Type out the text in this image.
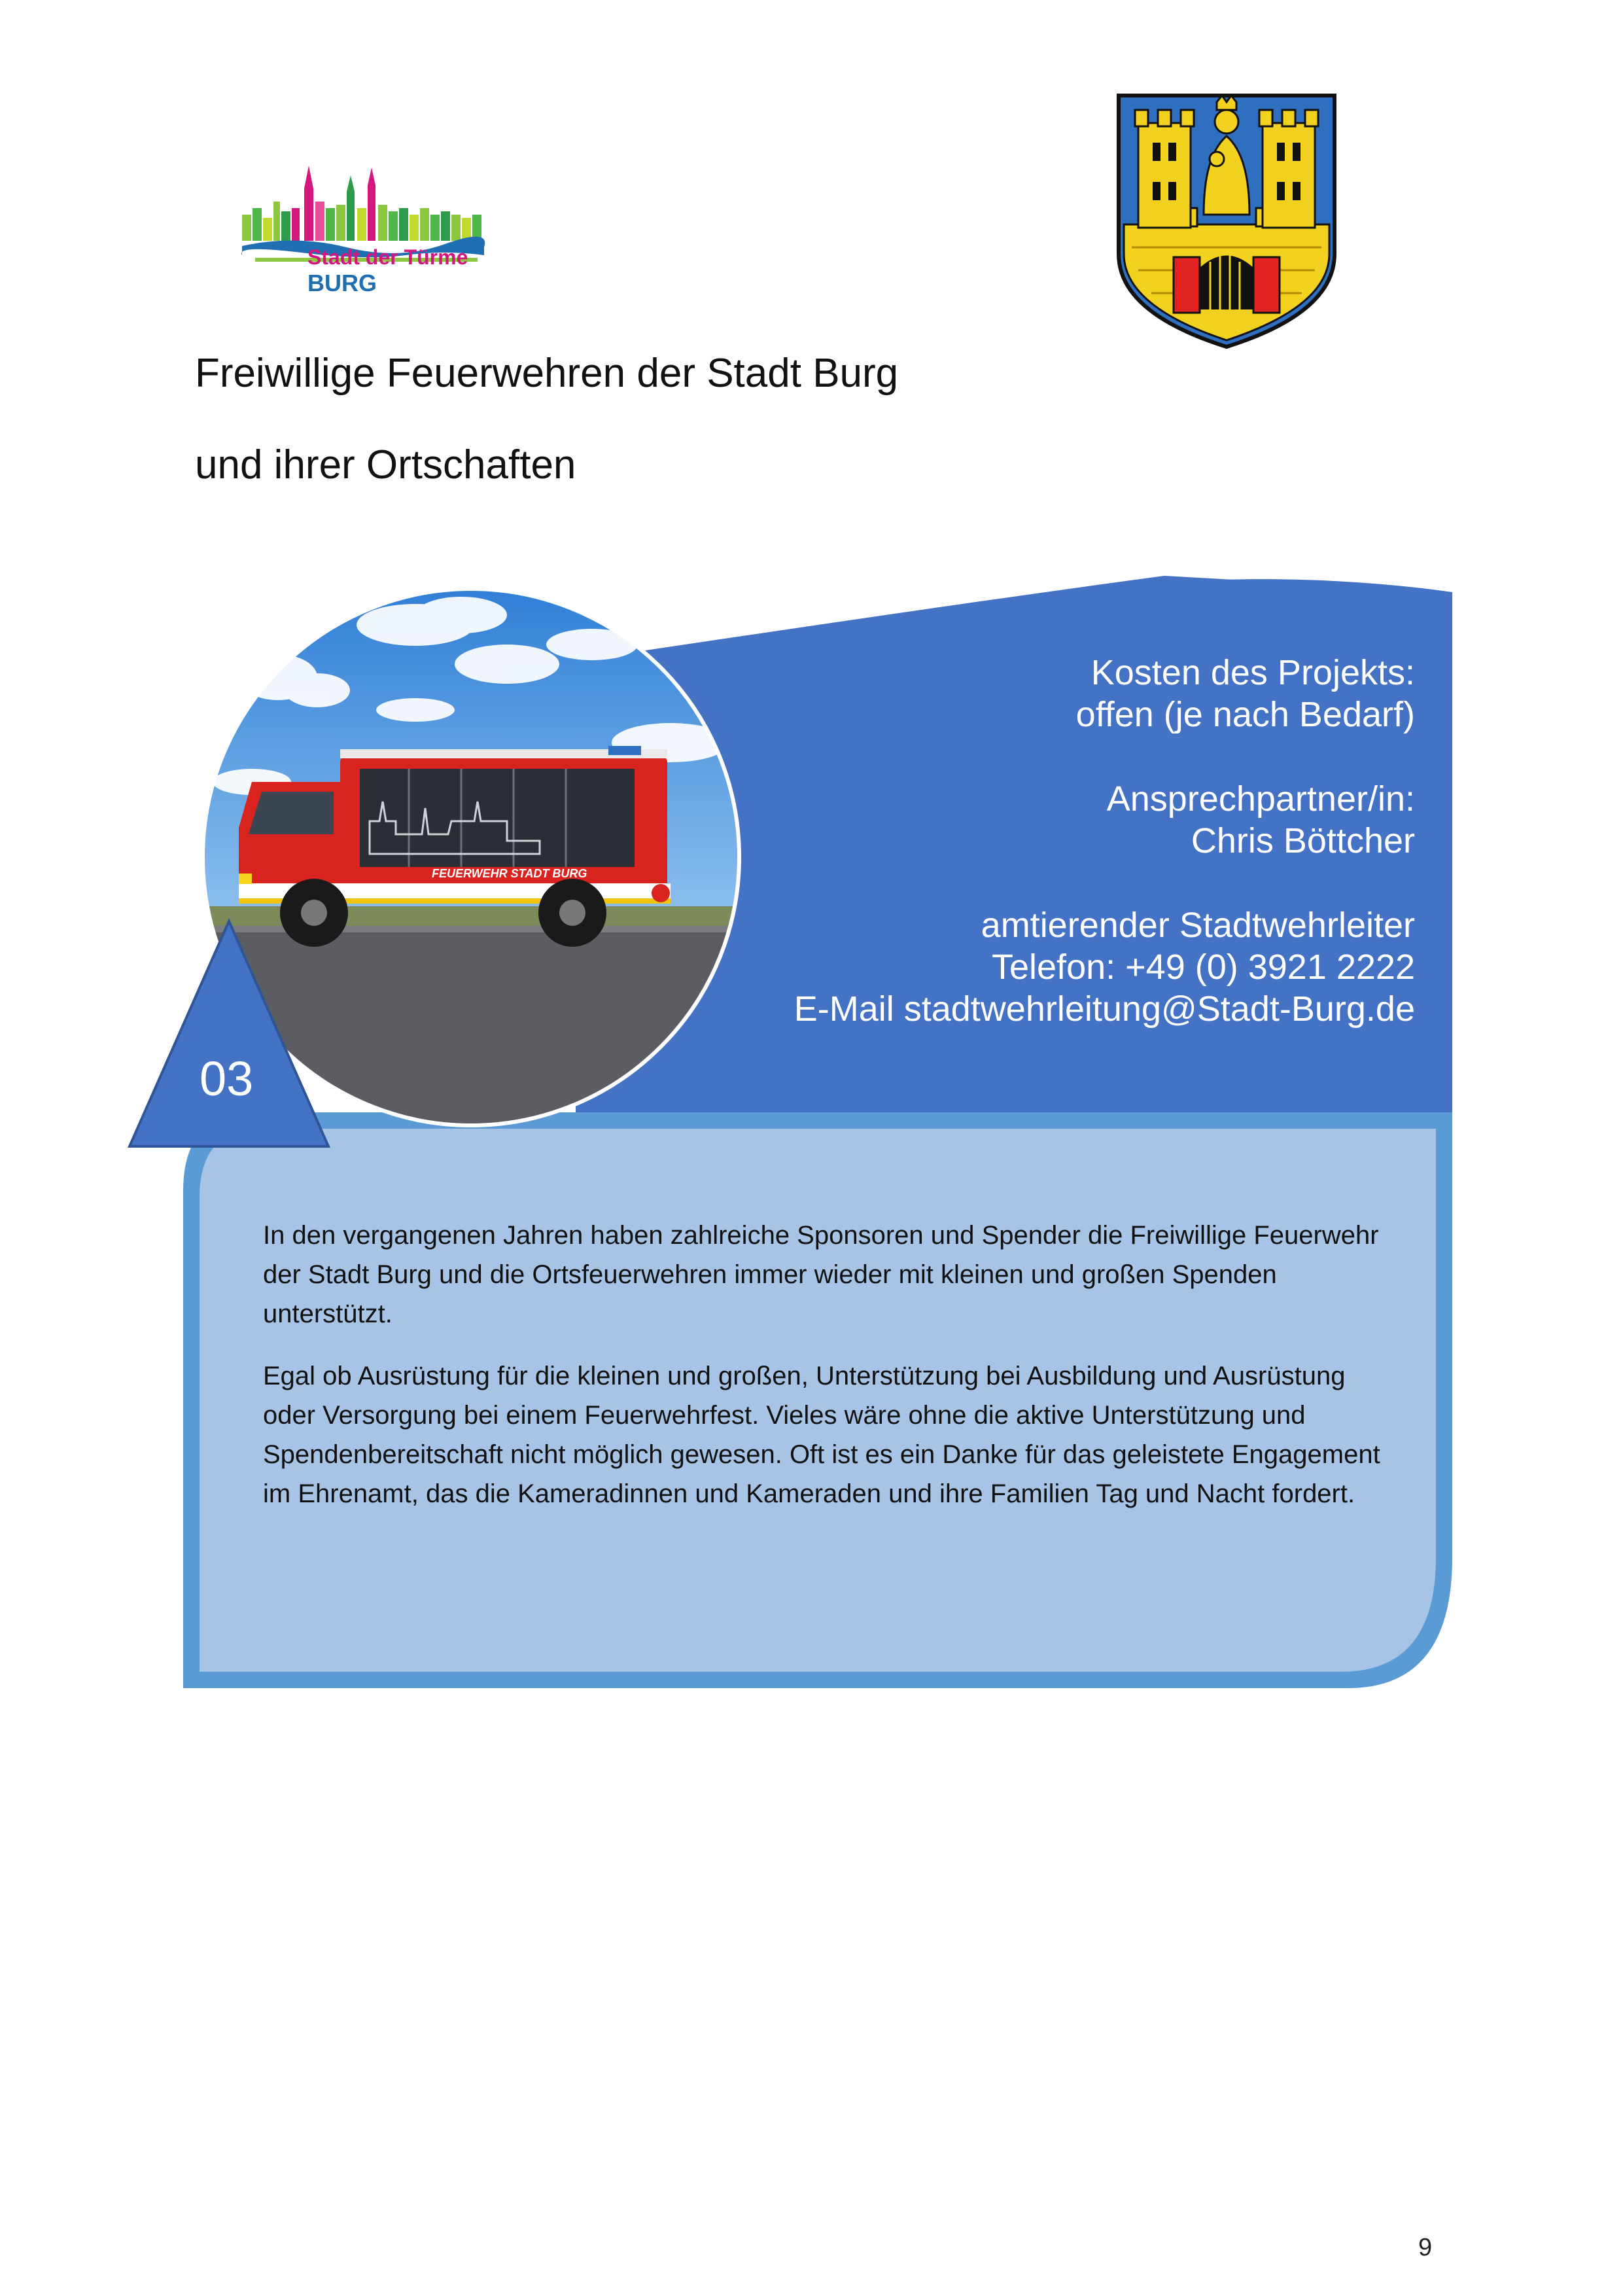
Stadt der Türme
BURG
Freiwillige Feuerwehren der Stadt Burg
und ihrer Ortschaften
Kosten des Projekts:
offen (je nach Bedarf)
Ansprechpartner/in:
Chris Böttcher
amtierender Stadtwehrleiter
Telefon: +49 (0) 3921 2222
E-Mail stadtwehrleitung@Stadt-Burg.de
FEUERWEHR STADT BURG
03

In den vergangenen Jahren haben zahlreiche Sponsoren und Spender die Freiwillige Feuerwehr der Stadt Burg und die Ortsfeuerwehren immer wieder mit kleinen und großen Spenden unterstützt.

Egal ob Ausrüstung für die kleinen und großen, Unterstützung bei Ausbildung und Ausrüstung oder Versorgung bei einem Feuerwehrfest. Vieles wäre ohne die aktive Unterstützung und Spendenbereitschaft nicht möglich gewesen. Oft ist es ein Danke für das geleistete Engagement im Ehrenamt, das die Kameradinnen und Kameraden und ihre Familien Tag und Nacht fordert.

9
